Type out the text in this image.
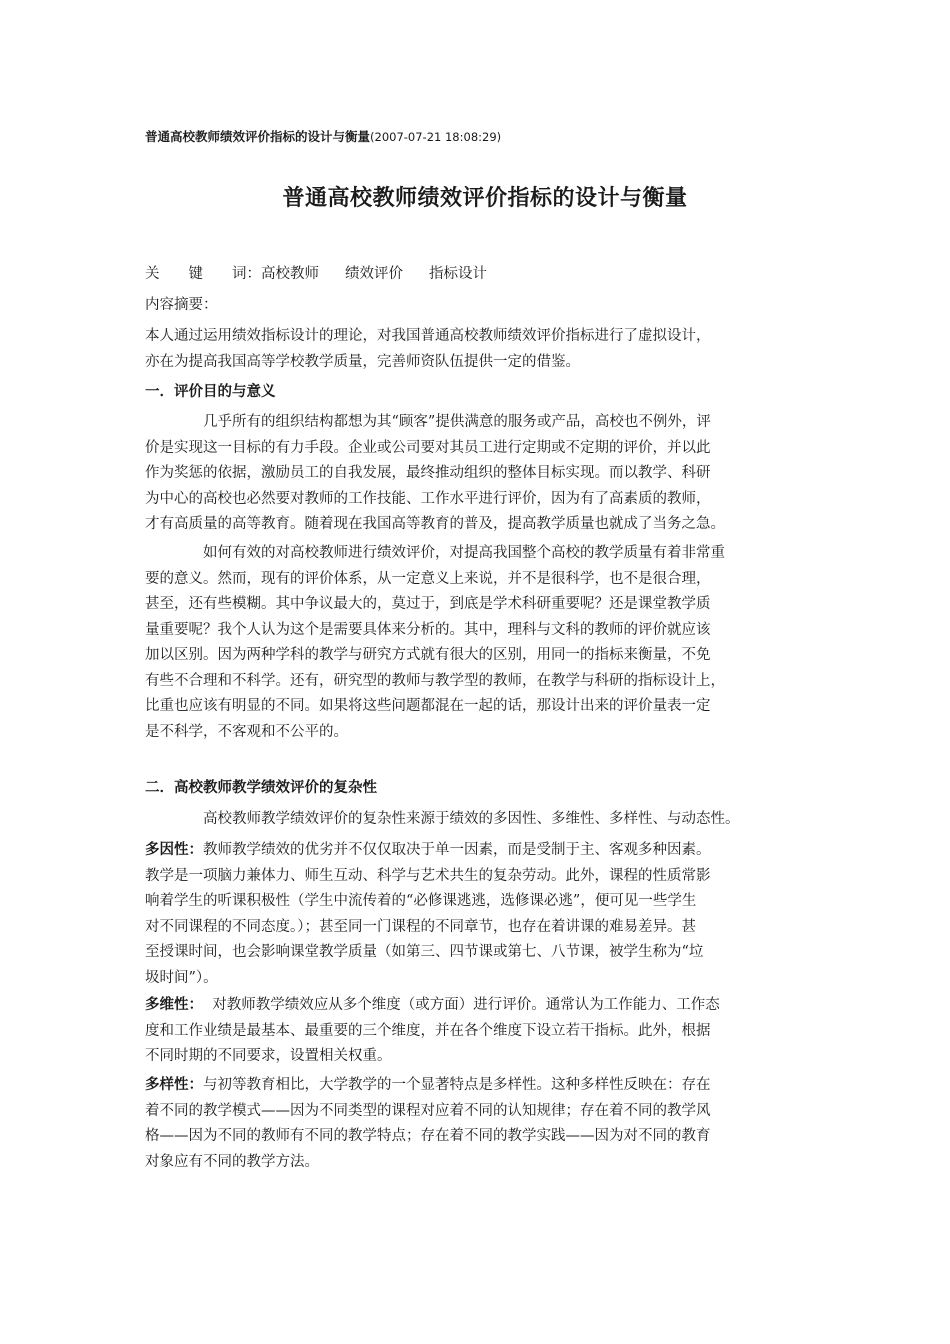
普通高校教师绩效评价指标的设计与衡量(2007-07-21 18:08:29)
普通高校教师绩效评价指标的设计与衡量
关　　键　　词：高校教师 绩效评价 指标设计
内容摘要：
本人通过运用绩效指标设计的理论，对我国普通高校教师绩效评价指标进行了虚拟设计，
亦在为提高我国高等学校教学质量，完善师资队伍提供一定的借鉴。
一．评价目的与意义
几乎所有的组织结构都想为其“顾客”提供满意的服务或产品，高校也不例外，评
价是实现这一目标的有力手段。企业或公司要对其员工进行定期或不定期的评价，并以此
作为奖惩的依据，激励员工的自我发展，最终推动组织的整体目标实现。而以教学、科研
为中心的高校也必然要对教师的工作技能、工作水平进行评价，因为有了高素质的教师，
才有高质量的高等教育。随着现在我国高等教育的普及，提高教学质量也就成了当务之急。
如何有效的对高校教师进行绩效评价，对提高我国整个高校的教学质量有着非常重
要的意义。然而，现有的评价体系，从一定意义上来说，并不是很科学，也不是很合理，
甚至，还有些模糊。其中争议最大的，莫过于，到底是学术科研重要呢？还是课堂教学质
量重要呢？我个人认为这个是需要具体来分析的。其中，理科与文科的教师的评价就应该
加以区别。因为两种学科的教学与研究方式就有很大的区别，用同一的指标来衡量，不免
有些不合理和不科学。还有，研究型的教师与教学型的教师，在教学与科研的指标设计上，
比重也应该有明显的不同。如果将这些问题都混在一起的话，那设计出来的评价量表一定
是不科学，不客观和不公平的。
二．高校教师教学绩效评价的复杂性
高校教师教学绩效评价的复杂性来源于绩效的多因性、多维性、多样性、与动态性。
多因性：教师教学绩效的优劣并不仅仅取决于单一因素，而是受制于主、客观多种因素。
教学是一项脑力兼体力、师生互动、科学与艺术共生的复杂劳动。此外，课程的性质常影
响着学生的听课积极性（学生中流传着的“必修课逃逃，选修课必逃”，便可见一些学生
对不同课程的不同态度。）；甚至同一门课程的不同章节，也存在着讲课的难易差异。甚
至授课时间，也会影响课堂教学质量（如第三、四节课或第七、八节课，被学生称为“垃
圾时间”）。
多维性：  对教师教学绩效应从多个维度（或方面）进行评价。通常认为工作能力、工作态
度和工作业绩是最基本、最重要的三个维度，并在各个维度下设立若干指标。此外，根据
不同时期的不同要求，设置相关权重。
多样性：与初等教育相比，大学教学的一个显著特点是多样性。这种多样性反映在：存在
着不同的教学模式——因为不同类型的课程对应着不同的认知规律；存在着不同的教学风
格——因为不同的教师有不同的教学特点；存在着不同的教学实践——因为对不同的教育
对象应有不同的教学方法。
